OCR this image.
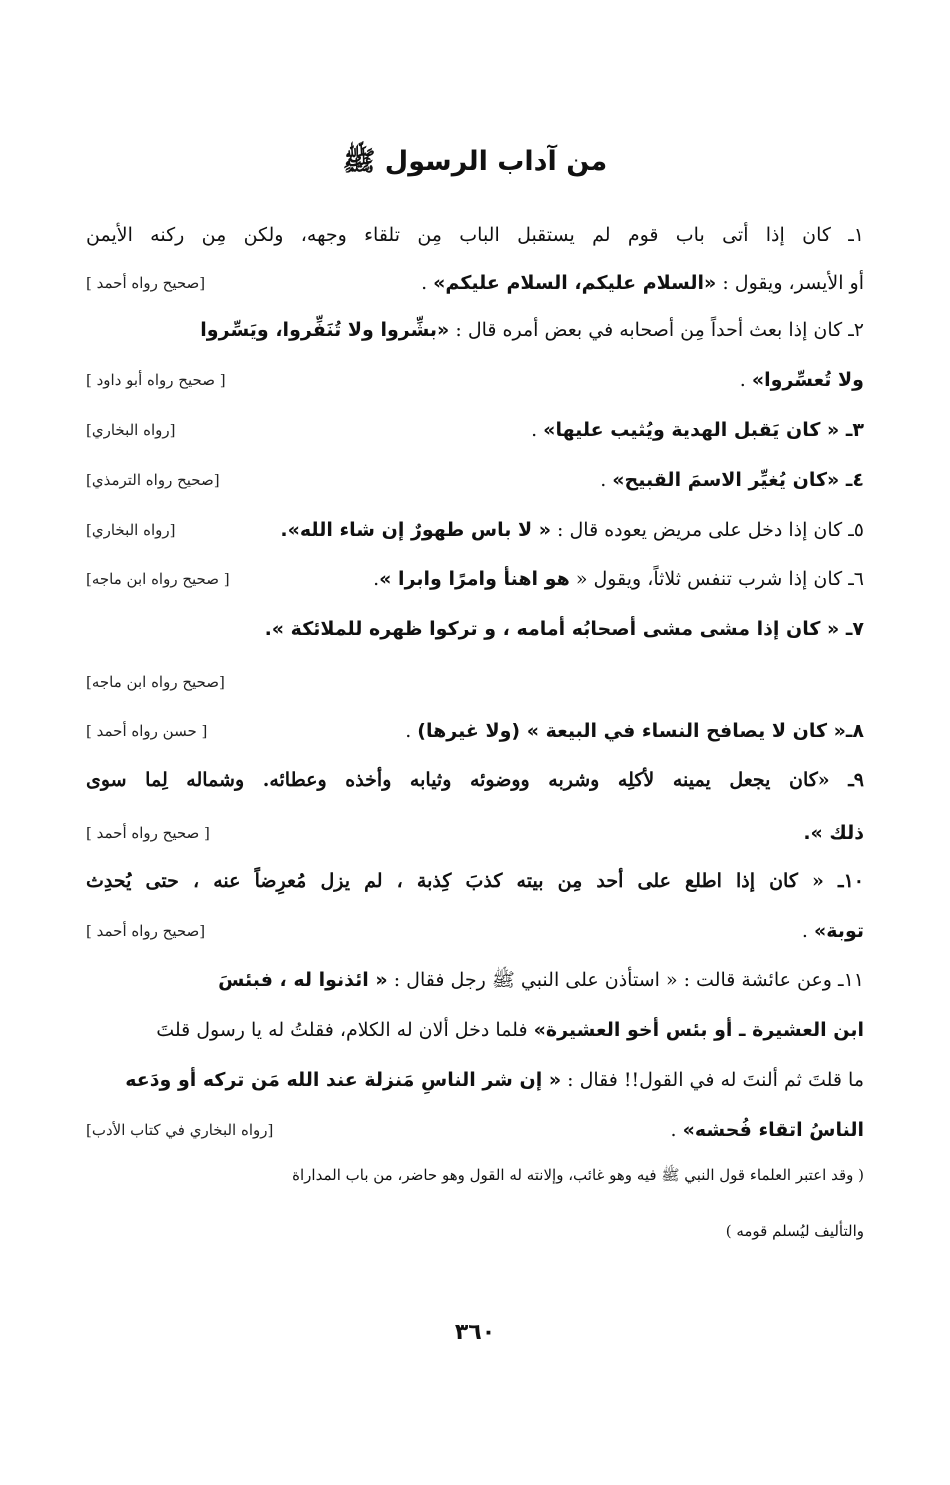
من آداب الرسول ﷺ
١ـ كان إذا أتى باب قوم لم يستقبل الباب مِن تلقاء وجهه، ولكن مِن ركنه الأيمن
أو الأيسر، ويقول : «السلام عليكم، السلام عليكم» .
[صحيح رواه أحمد ]
٢ـ كان إذا بعث أحداً مِن أصحابه في بعض أمره قال : «بشِّروا ولا تُنَفِّروا، ويَسِّروا
ولا تُعسِّروا» .
[ صحيح رواه أبو داود ]
٣ـ « كان يَقبل الهدية ويُثيب عليها» .
[رواه البخاري]
٤ـ «كان يُغيِّر الاسمَ القبيح» .
[صحيح رواه الترمذي]
٥ـ كان إذا دخل على مريض يعوده قال : « لا باس طهورٌ إن شاء الله».
[رواه البخاري]
٦ـ كان إذا شرب تنفس ثلاثاً، ويقول « هو اهنأ وامرًا وابرا ».
[ صحيح رواه ابن ماجه]
٧ـ « كان إذا مشى مشى أصحابُه أمامه ، و تركوا ظهره للملائكة ».
[صحيح رواه ابن ماجه]
٨ـ« كان لا يصافح النساء في البيعة » (ولا غيرها) .
[ حسن رواه أحمد ]
٩ـ «كان يجعل يمينه لأكلِه وشربه ووضوئه وثيابه وأخذه وعطائه. وشماله لِما سوى
ذلك ».
[ صحيح رواه أحمد ]
١٠ـ « كان إذا اطلع على أحد مِن بيته كذبَ كِذبة ، لم يزل مُعرِضاً عنه ، حتى يُحدِث
توبة» .
[صحيح رواه أحمد ]
١١ـ وعن عائشة قالت : « استأذن على النبي ﷺ رجل فقال : « ائذنوا له ، فبئسَ
ابن العشيرة ـ أو بئس أخو العشيرة» فلما دخل ألان له الكلام، فقلتُ له يا رسول قلتَ
ما قلتَ ثم ألنتَ له في القول!! فقال : « إن شر الناسِ مَنزلة عند الله مَن تركه أو ودَعه
الناسُ اتقاء فُحشه» .
[رواه البخاري في كتاب الأدب]
( وقد اعتبر العلماء قول النبي ﷺ فيه وهو غائب، وإلانته له القول وهو حاضر، من باب المداراة
والتأليف ليُسلم قومه )
٣٦٠
